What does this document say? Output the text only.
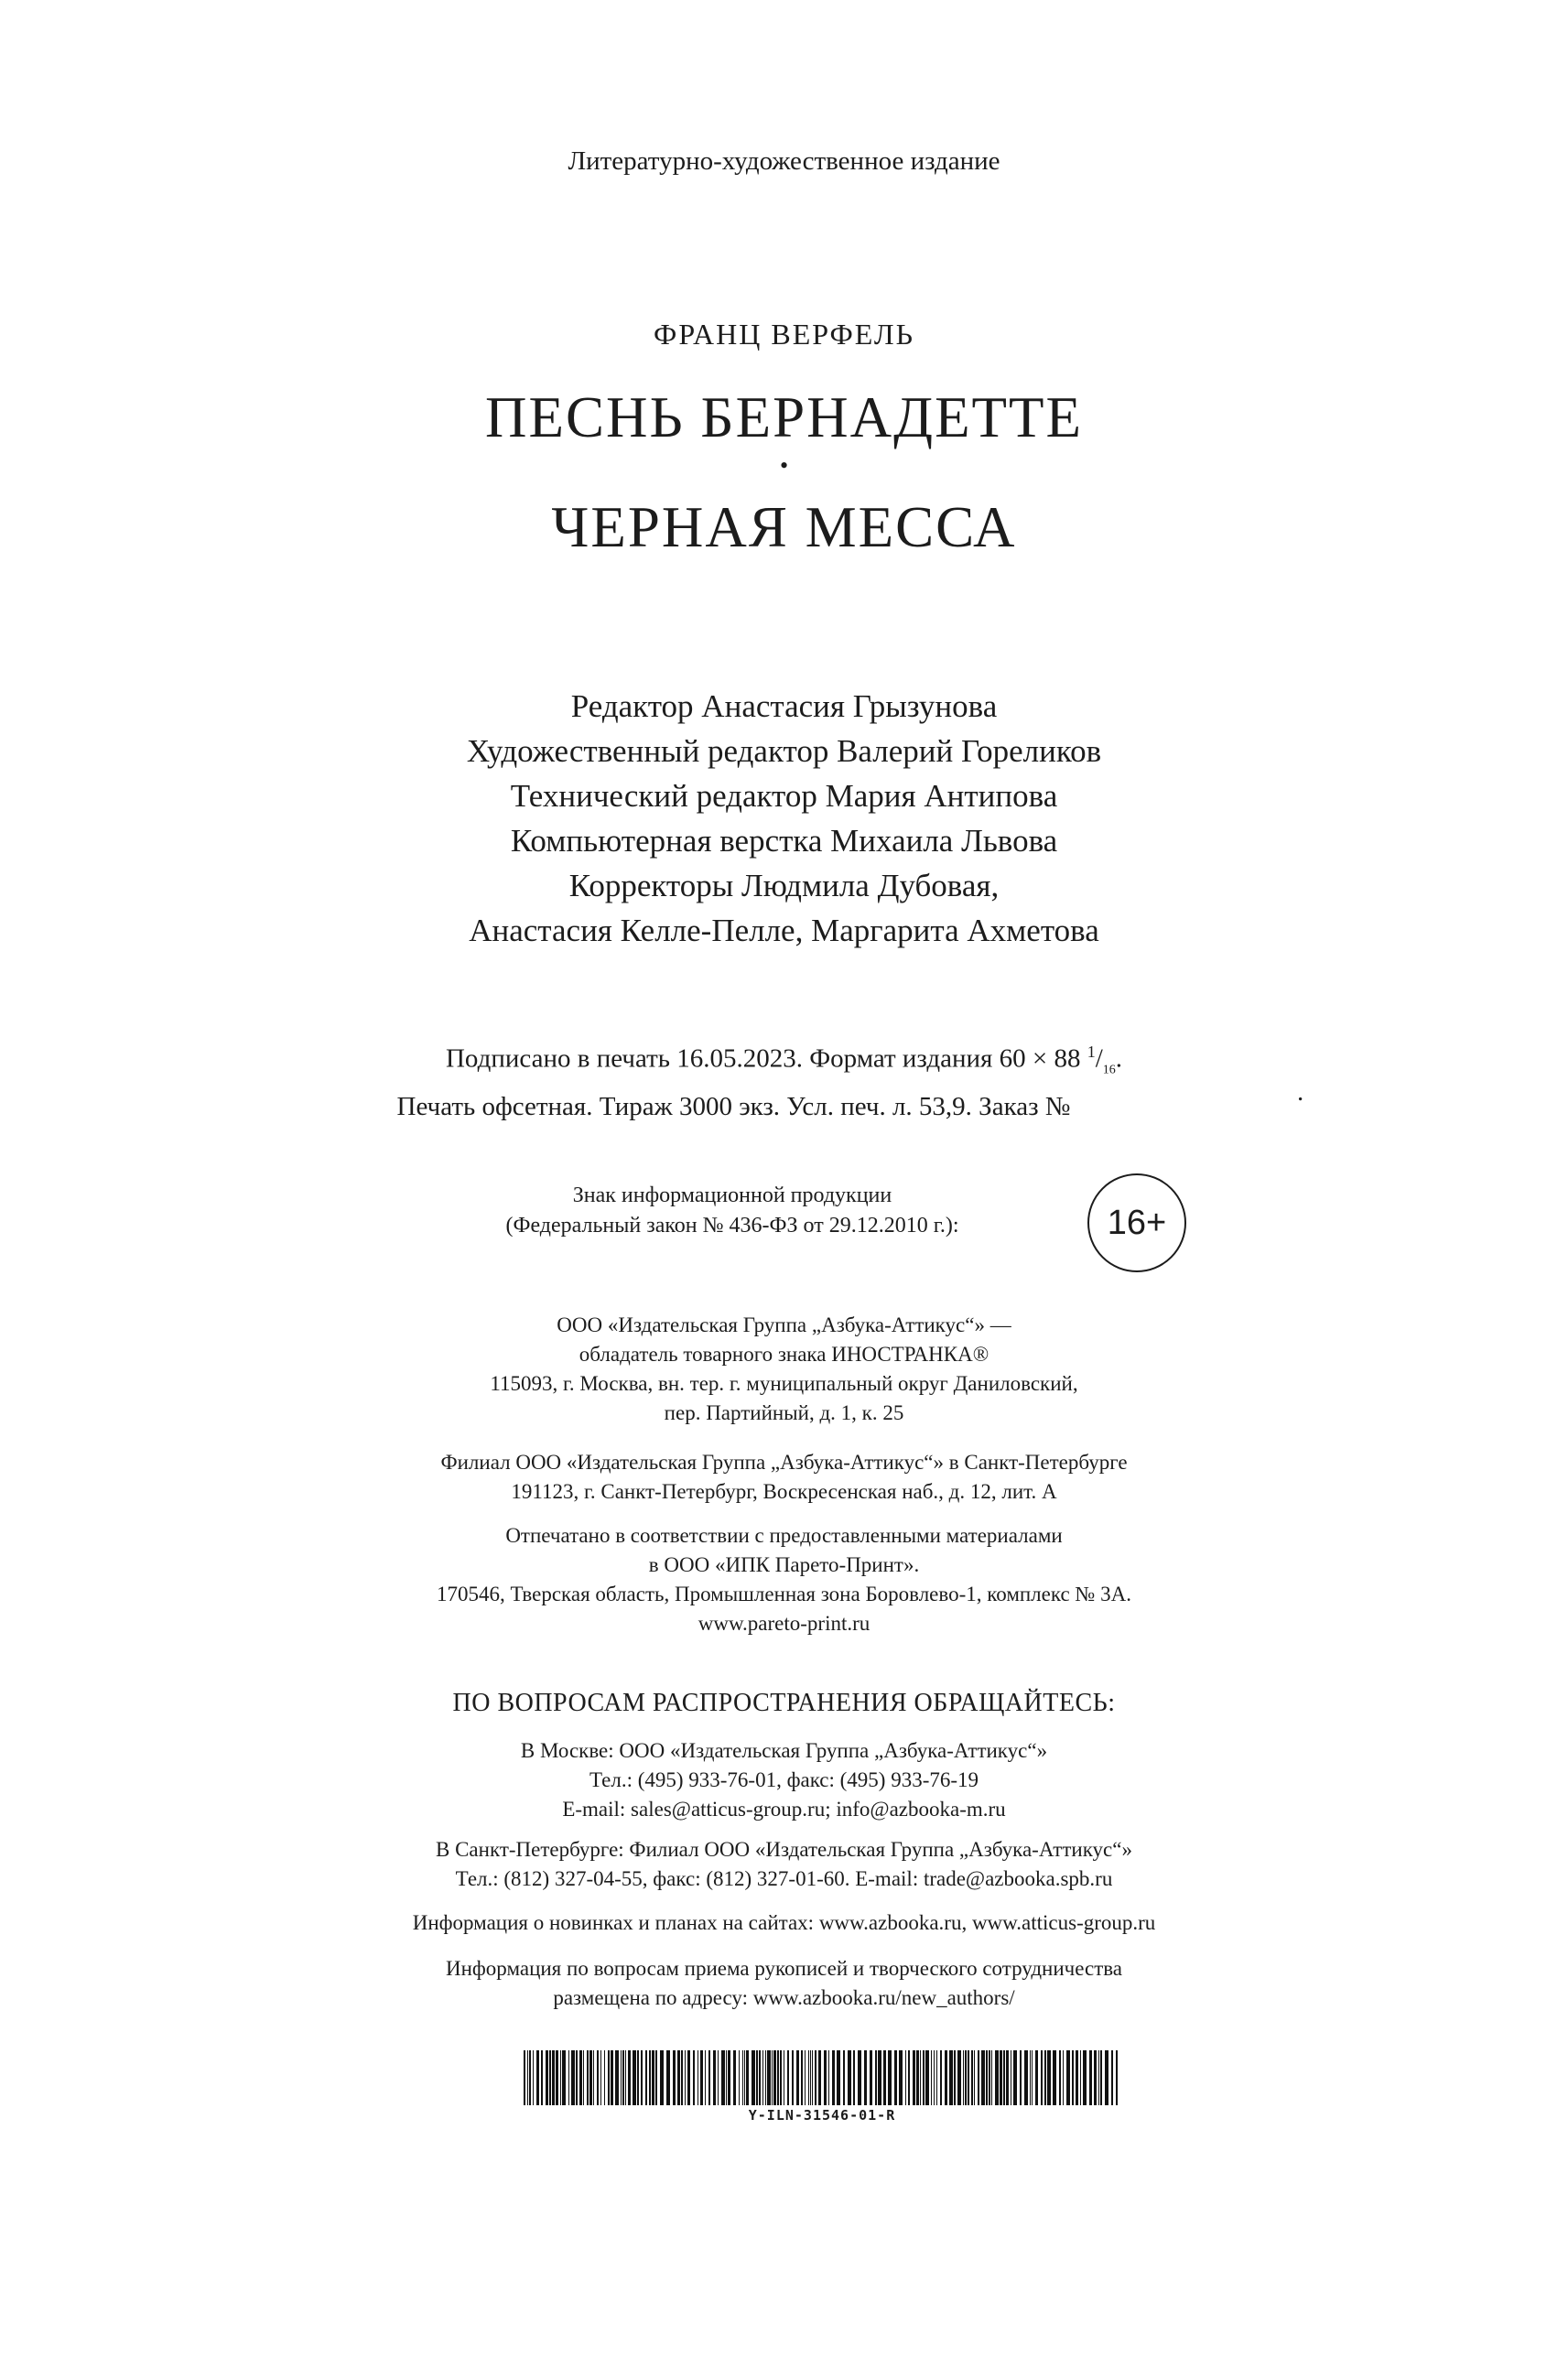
Литературно-художественное издание
ФРАНЦ ВЕРФЕЛЬ
ПЕСНЬ БЕРНАДЕТТЕ
•
ЧЕРНАЯ МЕССА
Редактор Анастасия Грызунова
Художественный редактор Валерий Гореликов
Технический редактор Мария Антипова
Компьютерная верстка Михаила Львова
Корректоры Людмила Дубовая,
Анастасия Келле-Пелле, Маргарита Ахметова
Подписано в печать 16.05.2023. Формат издания 60 × 88 $^1/_{16}$.
Печать офсетная. Тираж 3000 экз. Усл. печ. л. 53,9. Заказ №
.
Знак информационной продукции
(Федеральный закон № 436-ФЗ от 29.12.2010 г.):	16+
ООО «Издательская Группа „Азбука-Аттикус“» —
обладатель товарного знака ИНОСТРАНКА®
115093, г. Москва, вн. тер. г. муниципальный округ Даниловский,
пер. Партийный, д. 1, к. 25
Филиал ООО «Издательская Группа „Азбука-Аттикус“» в Санкт-Петербурге
191123, г. Санкт-Петербург, Воскресенская наб., д. 12, лит. А
Отпечатано в соответствии с предоставленными материалами
в ООО «ИПК Парето-Принт».
170546, Тверская область, Промышленная зона Боровлево-1, комплекс № 3А.
www.pareto-print.ru
ПО ВОПРОСАМ РАСПРОСТРАНЕНИЯ ОБРАЩАЙТЕСЬ:
В Москве: ООО «Издательская Группа „Азбука-Аттикус“»
Тел.: (495) 933-76-01, факс: (495) 933-76-19
E-mail: sales@atticus-group.ru; info@azbooka-m.ru
В Санкт-Петербурге: Филиал ООО «Издательская Группа „Азбука-Аттикус“»
Тел.: (812) 327-04-55, факс: (812) 327-01-60. E-mail: trade@azbooka.spb.ru
Информация о новинках и планах на сайтах: www.azbooka.ru, www.atticus-group.ru
Информация по вопросам приема рукописей и творческого сотрудничества
размещена по адресу: www.azbooka.ru/new_authors/
Y-ILN-31546-01-R
